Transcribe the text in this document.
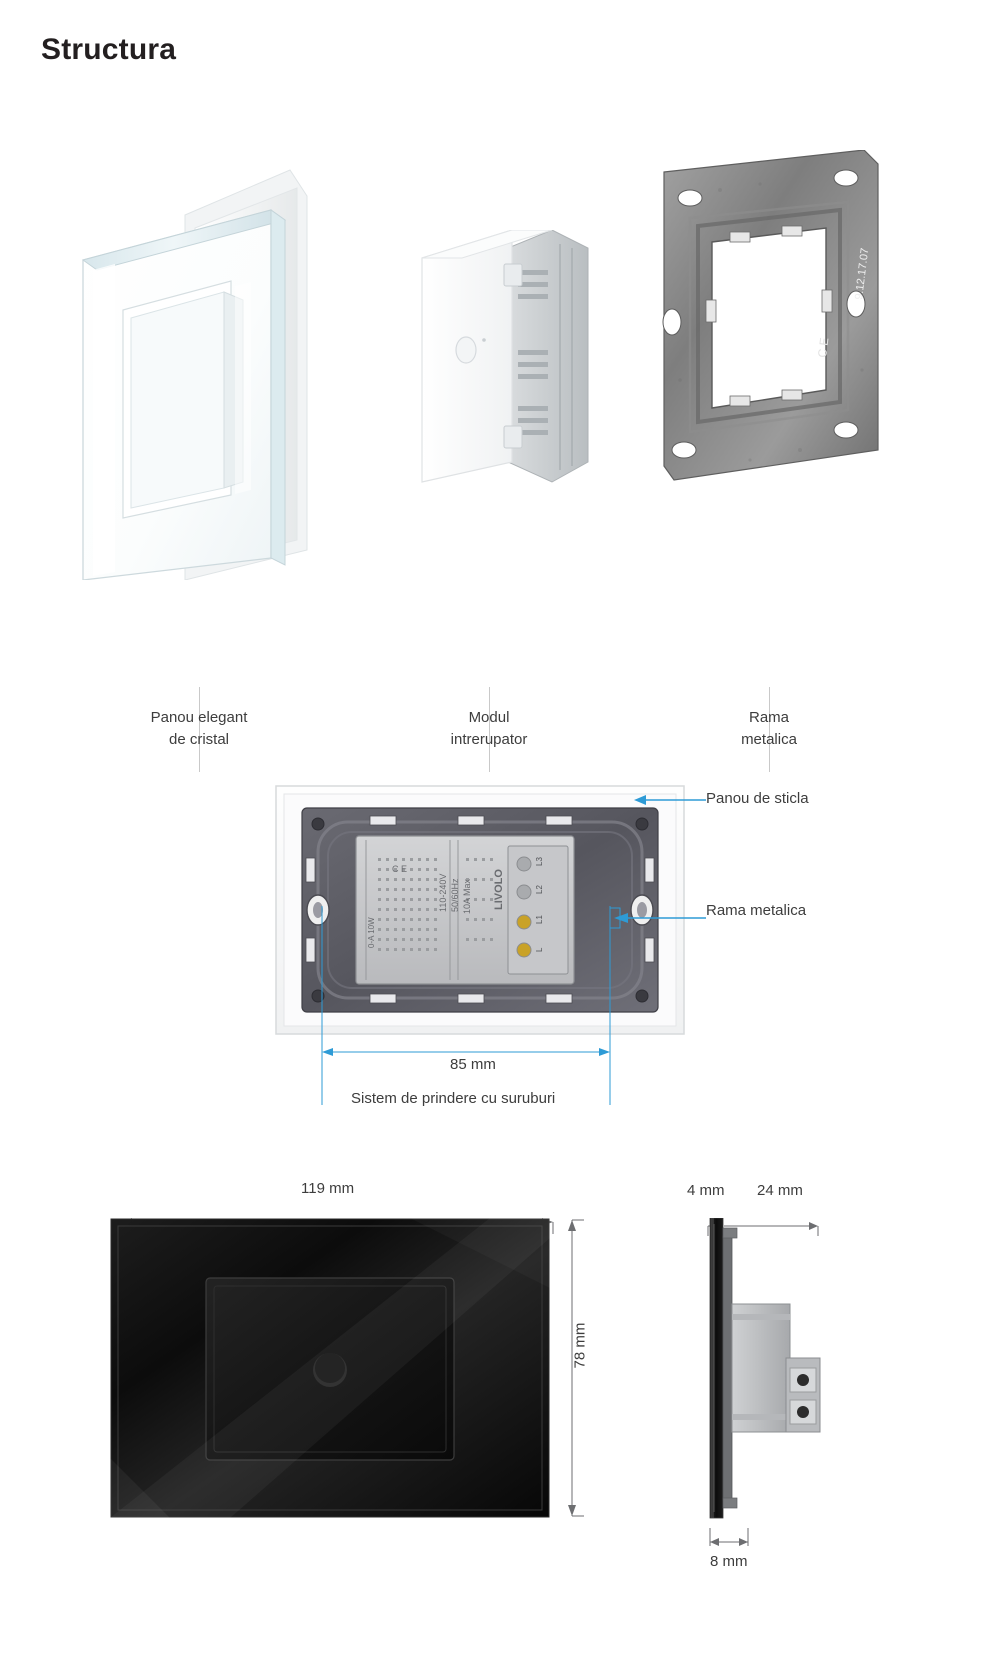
Structura
Panou elegant
de cristal
Modul
intrerupator
9.12.17.07
C E
Rama
metalica
110-240V 50/60Hz 10A Max LIVOLO
0-A 10W
C E
L3
L2
L1
L
Panou de sticla
Rama metalica
85 mm
Sistem de prindere cu suruburi
119 mm
78 mm
4 mm 24 mm
8 mm
